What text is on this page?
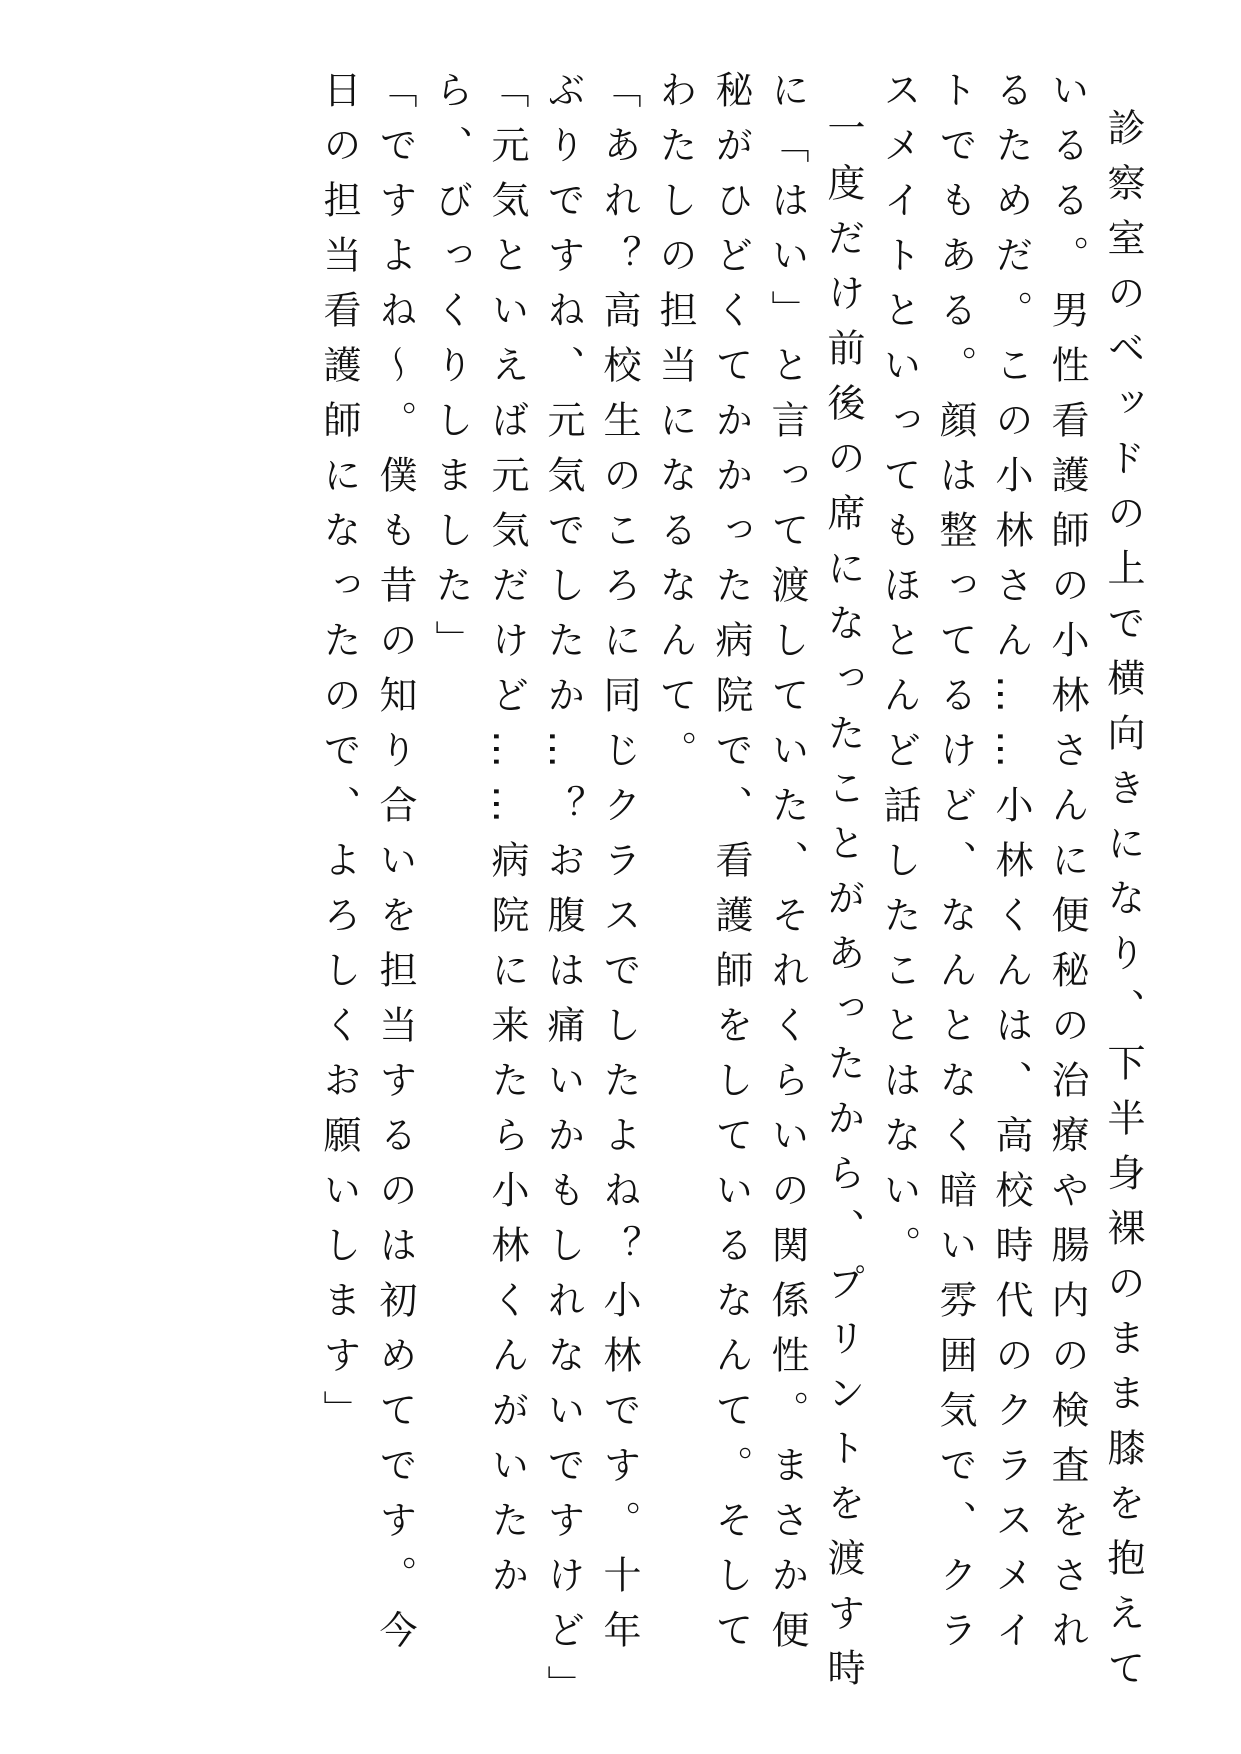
診察室のベッドの上で横向きになり、下半身裸のまま膝を抱えているる。男性看護師の小林さんに便秘の治療や腸内の検査をされるためだ。この小林さん……小林くんは、高校時代のクラスメイトでもある。顔は整ってるけど、なんとなく暗い雰囲気で、クラスメイトといってもほとんど話したことはない。

一度だけ前後の席になったことがあったから、プリントを渡す時に「はい」と言って渡していた、それくらいの関係性。まさか便秘がひどくてかかった病院で、看護師をしているなんて。そしてわたしの担当になるなんて。

「あれ？高校生のころに同じクラスでしたよね？小林です。十年ぶりですね、元気でしたか…？お腹は痛いかもしれないですけど」

「元気といえば元気だけど……病院に来たら小林くんがいたから、びっくりしました」

「ですよね〜。僕も昔の知り合いを担当するのは初めてです。今日の担当看護師になったので、よろしくお願いします」
